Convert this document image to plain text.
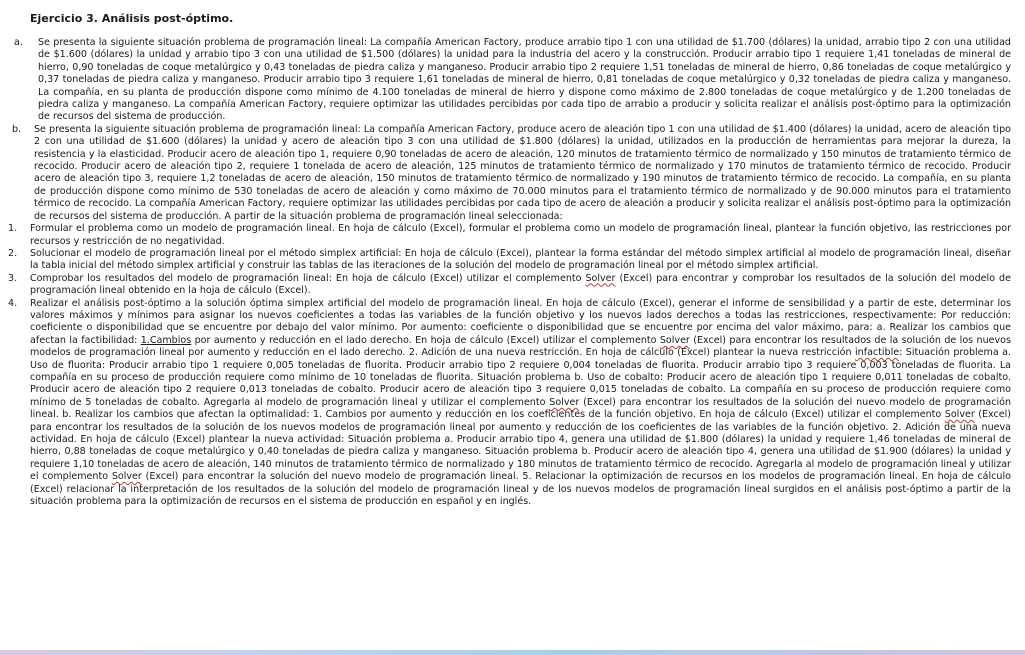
Ejercicio 3. Análisis post-óptimo.
a.	Se presenta la siguiente situación problema de programación lineal: La compañía American Factory, produce arrabio tipo 1 con una utilidad de $1.700 (dólares) la unidad, arrabio tipo 2 con una utilidad de $1.600 (dólares) la unidad y arrabio tipo 3 con una utilidad de $1.500 (dólares) la unidad para la industria del acero y la construcción. Producir arrabio tipo 1 requiere 1,41 toneladas de mineral de hierro, 0,90 toneladas de coque metalúrgico y 0,43 toneladas de piedra caliza y manganeso. Producir arrabio tipo 2 requiere 1,51 toneladas de mineral de hierro, 0,86 toneladas de coque metalúrgico y 0,37 toneladas de piedra caliza y manganeso. Producir arrabio tipo 3 requiere 1,61 toneladas de mineral de hierro, 0,81 toneladas de coque metalúrgico y 0,32 toneladas de piedra caliza y manganeso. La compañía, en su planta de producción dispone como mínimo de 4.100 toneladas de mineral de hierro y dispone como máximo de 2.800 toneladas de coque metalúrgico y de 1.200 toneladas de piedra caliza y manganeso. La compañía American Factory, requiere optimizar las utilidades percibidas por cada tipo de arrabio a producir y solicita realizar el análisis post-óptimo para la optimización de recursos del sistema de producción.
b.	Se presenta la siguiente situación problema de programación lineal: La compañía American Factory, produce acero de aleación tipo 1 con una utilidad de $1.400 (dólares) la unidad, acero de aleación tipo 2 con una utilidad de $1.600 (dólares) la unidad y acero de aleación tipo 3 con una utilidad de $1.800 (dólares) la unidad, utilizados en la producción de herramientas para mejorar la dureza, la resistencia y la elasticidad. Producir acero de aleación tipo 1, requiere 0,90 toneladas de acero de aleación, 120 minutos de tratamiento térmico de normalizado y 150 minutos de tratamiento térmico de recocido. Producir acero de aleación tipo 2, requiere 1 tonelada de acero de aleación, 125 minutos de tratamiento térmico de normalizado y 170 minutos de tratamiento térmico de recocido. Producir acero de aleación tipo 3, requiere 1,2 toneladas de acero de aleación, 150 minutos de tratamiento térmico de normalizado y 190 minutos de tratamiento térmico de recocido. La compañía, en su planta de producción dispone como mínimo de 530 toneladas de acero de aleación y como máximo de 70.000 minutos para el tratamiento térmico de normalizado y de 90.000 minutos para el tratamiento térmico de recocido. La compañía American Factory, requiere optimizar las utilidades percibidas por cada tipo de acero de aleación a producir y solicita realizar el análisis post-óptimo para la optimización de recursos del sistema de producción. A partir de la situación problema de programación lineal seleccionada:
1.	Formular el problema como un modelo de programación lineal. En hoja de cálculo (Excel), formular el problema como un modelo de programación lineal, plantear la función objetivo, las restricciones por recursos y restricción de no negatividad.
2.	Solucionar el modelo de programación lineal por el método simplex artificial: En hoja de cálculo (Excel), plantear la forma estándar del método simplex artificial al modelo de programación lineal, diseñar la tabla inicial del método simplex artificial y construir las tablas de las iteraciones de la solución del modelo de programación lineal por el método simplex artificial.
3.	Comprobar los resultados del modelo de programación lineal: En hoja de cálculo (Excel) utilizar el complemento Solver (Excel) para encontrar y comprobar los resultados de la solución del modelo de programación lineal obtenido en la hoja de cálculo (Excel).
4.	Realizar el análisis post-óptimo a la solución óptima simplex artificial del modelo de programación lineal. En hoja de cálculo (Excel), generar el informe de sensibilidad y a partir de este, determinar los valores máximos y mínimos para asignar los nuevos coeficientes a todas las variables de la función objetivo y los nuevos lados derechos a todas las restricciones, respectivamente: Por reducción: coeficiente o disponibilidad que se encuentre por debajo del valor mínimo. Por aumento: coeficiente o disponibilidad que se encuentre por encima del valor máximo, para: a. Realizar los cambios que afectan la factibilidad: 1.Cambios por aumento y reducción en el lado derecho. En hoja de cálculo (Excel) utilizar el complemento Solver (Excel) para encontrar los resultados de la solución de los nuevos modelos de programación lineal por aumento y reducción en el lado derecho. 2. Adición de una nueva restricción. En hoja de cálculo (Excel) plantear la nueva restricción infactible: Situación problema a. Uso de fluorita: Producir arrabio tipo 1 requiere 0,005 toneladas de fluorita. Producir arrabio tipo 2 requiere 0,004 toneladas de fluorita. Producir arrabio tipo 3 requiere 0,003 toneladas de fluorita. La compañía en su proceso de producción requiere como mínimo de 10 toneladas de fluorita. Situación problema b. Uso de cobalto: Producir acero de aleación tipo 1 requiere 0,011 toneladas de cobalto. Producir acero de aleación tipo 2 requiere 0,013 toneladas de cobalto. Producir acero de aleación tipo 3 requiere 0,015 toneladas de cobalto. La compañía en su proceso de producción requiere como mínimo de 5 toneladas de cobalto. Agregarla al modelo de programación lineal y utilizar el complemento Solver (Excel) para encontrar los resultados de la solución del nuevo modelo de programación lineal. b. Realizar los cambios que afectan la optimalidad: 1. Cambios por aumento y reducción en los coeficientes de la función objetivo. En hoja de cálculo (Excel) utilizar el complemento Solver (Excel) para encontrar los resultados de la solución de los nuevos modelos de programación lineal por aumento y reducción de los coeficientes de las variables de la función objetivo. 2. Adición de una nueva actividad. En hoja de cálculo (Excel) plantear la nueva actividad: Situación problema a. Producir arrabio tipo 4, genera una utilidad de $1.800 (dólares) la unidad y requiere 1,46 toneladas de mineral de hierro, 0,88 toneladas de coque metalúrgico y 0,40 toneladas de piedra caliza y manganeso. Situación problema b. Producir acero de aleación tipo 4, genera una utilidad de $1.900 (dólares) la unidad y requiere 1,10 toneladas de acero de aleación, 140 minutos de tratamiento térmico de normalizado y 180 minutos de tratamiento térmico de recocido. Agregarla al modelo de programación lineal y utilizar el complemento Solver (Excel) para encontrar la solución del nuevo modelo de programación lineal. 5. Relacionar la optimización de recursos en los modelos de programación lineal. En hoja de cálculo (Excel) relacionar la interpretación de los resultados de la solución del modelo de programación lineal y de los nuevos modelos de programación lineal surgidos en el análisis post-óptimo a partir de la situación problema para la optimización de recursos en el sistema de producción en español y en inglés.
